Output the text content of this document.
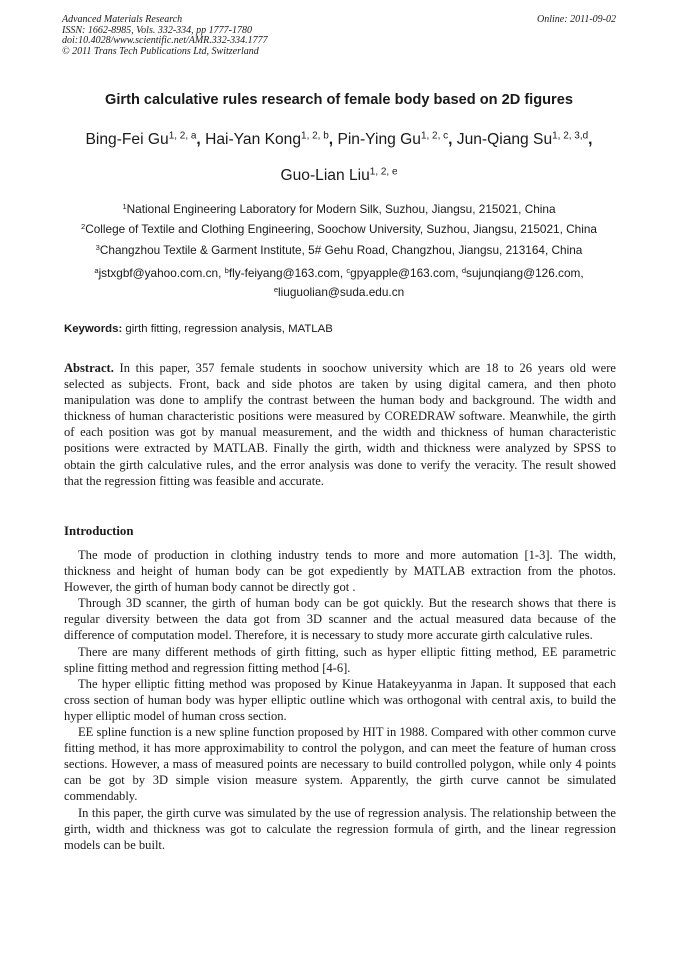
Advanced Materials Research
ISSN: 1662-8985, Vols. 332-334, pp 1777-1780
doi:10.4028/www.scientific.net/AMR.332-334.1777
© 2011 Trans Tech Publications Ltd, Switzerland
Online: 2011-09-02
Girth calculative rules research of female body based on 2D figures
Bing-Fei Gu$^{1, 2, a}$, Hai-Yan Kong$^{1, 2, b}$, Pin-Ying Gu$^{1, 2, c}$, Jun-Qiang Su$^{1, 2, 3,d}$,
Guo-Lian Liu$^{1, 2, e}$
$^1$National Engineering Laboratory for Modern Silk, Suzhou, Jiangsu, 215021, China
$^2$College of Textile and Clothing Engineering, Soochow University, Suzhou, Jiangsu, 215021, China
$^3$Changzhou Textile & Garment Institute, 5# Gehu Road, Changzhou, Jiangsu, 213164, China
$^a$jstxgbf@yahoo.com.cn, $^b$fly-feiyang@163.com, $^c$gpyapple@163.com, $^d$sujunqiang@126.com,
$^e$liuguolian@suda.edu.cn
Keywords: girth fitting, regression analysis, MATLAB
Abstract. In this paper, 357 female students in soochow university which are 18 to 26 years old were selected as subjects. Front, back and side photos are taken by using digital camera, and then photo manipulation was done to amplify the contrast between the human body and background. The width and thickness of human characteristic positions were measured by COREDRAW software. Meanwhile, the girth of each position was got by manual measurement, and the width and thickness of human characteristic positions were extracted by MATLAB. Finally the girth, width and thickness were analyzed by SPSS to obtain the girth calculative rules, and the error analysis was done to verify the veracity. The result showed that the regression fitting was feasible and accurate.
Introduction

The mode of production in clothing industry tends to more and more automation [1-3]. The width, thickness and height of human body can be got expediently by MATLAB extraction from the photos. However, the girth of human body cannot be directly got .

Through 3D scanner, the girth of human body can be got quickly. But the research shows that there is regular diversity between the data got from 3D scanner and the actual measured data because of the difference of computation model. Therefore, it is necessary to study more accurate girth calculative rules.

There are many different methods of girth fitting, such as hyper elliptic fitting method, EE parametric spline fitting method and regression fitting method [4-6].

The hyper elliptic fitting method was proposed by Kinue Hatakeyyanma in Japan. It supposed that each cross section of human body was hyper elliptic outline which was orthogonal with central axis, to build the hyper elliptic model of human cross section.

EE spline function is a new spline function proposed by HIT in 1988. Compared with other common curve fitting method, it has more approximability to control the polygon, and can meet the feature of human cross sections. However, a mass of measured points are necessary to build controlled polygon, while only 4 points can be got by 3D simple vision measure system. Apparently, the girth curve cannot be simulated commendably.

In this paper, the girth curve was simulated by the use of regression analysis. The relationship between the girth, width and thickness was got to calculate the regression formula of girth, and the linear regression models can be built.
